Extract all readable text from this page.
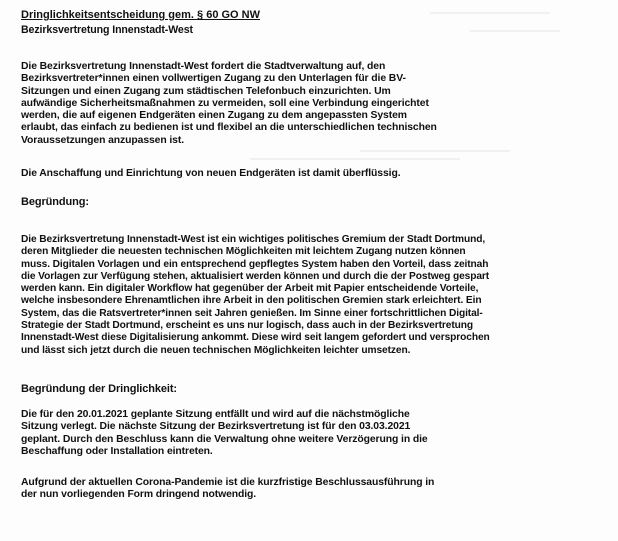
Dringlichkeitsentscheidung gem. § 60 GO NW

Bezirksvertretung Innenstadt-West

Die Bezirksvertretung Innenstadt-West fordert die Stadtverwaltung auf, den
Bezirksvertreter*innen einen vollwertigen Zugang zu den Unterlagen für die BV-
Sitzungen und einen Zugang zum städtischen Telefonbuch einzurichten. Um
aufwändige Sicherheitsmaßnahmen zu vermeiden, soll eine Verbindung eingerichtet
werden, die auf eigenen Endgeräten einen Zugang zu dem angepassten System
erlaubt, das einfach zu bedienen ist und flexibel an die unterschiedlichen technischen
Voraussetzungen anzupassen ist.

Die Anschaffung und Einrichtung von neuen Endgeräten ist damit überflüssig.

Begründung:

Die Bezirksvertretung Innenstadt-West ist ein wichtiges politisches Gremium der Stadt Dortmund,
deren Mitglieder die neuesten technischen Möglichkeiten mit leichtem Zugang nutzen können
muss. Digitalen Vorlagen und ein entsprechend gepflegtes System haben den Vorteil, dass zeitnah
die Vorlagen zur Verfügung stehen, aktualisiert werden können und durch die der Postweg gespart
werden kann. Ein digitaler Workflow hat gegenüber der Arbeit mit Papier entscheidende Vorteile,
welche insbesondere Ehrenamtlichen ihre Arbeit in den politischen Gremien stark erleichtert. Ein
System, das die Ratsvertreter*innen seit Jahren genießen. Im Sinne einer fortschrittlichen Digital-
Strategie der Stadt Dortmund, erscheint es uns nur logisch, dass auch in der Bezirksvertretung
Innenstadt-West diese Digitalisierung ankommt. Diese wird seit langem gefordert und versprochen
und lässt sich jetzt durch die neuen technischen Möglichkeiten leichter umsetzen.

Begründung der Dringlichkeit:

Die für den 20.01.2021 geplante Sitzung entfällt und wird auf die nächstmögliche
Sitzung verlegt. Die nächste Sitzung der Bezirksvertretung ist für den 03.03.2021
geplant. Durch den Beschluss kann die Verwaltung ohne weitere Verzögerung in die
Beschaffung oder Installation eintreten.

Aufgrund der aktuellen Corona-Pandemie ist die kurzfristige Beschlussausführung in
der nun vorliegenden Form dringend notwendig.
